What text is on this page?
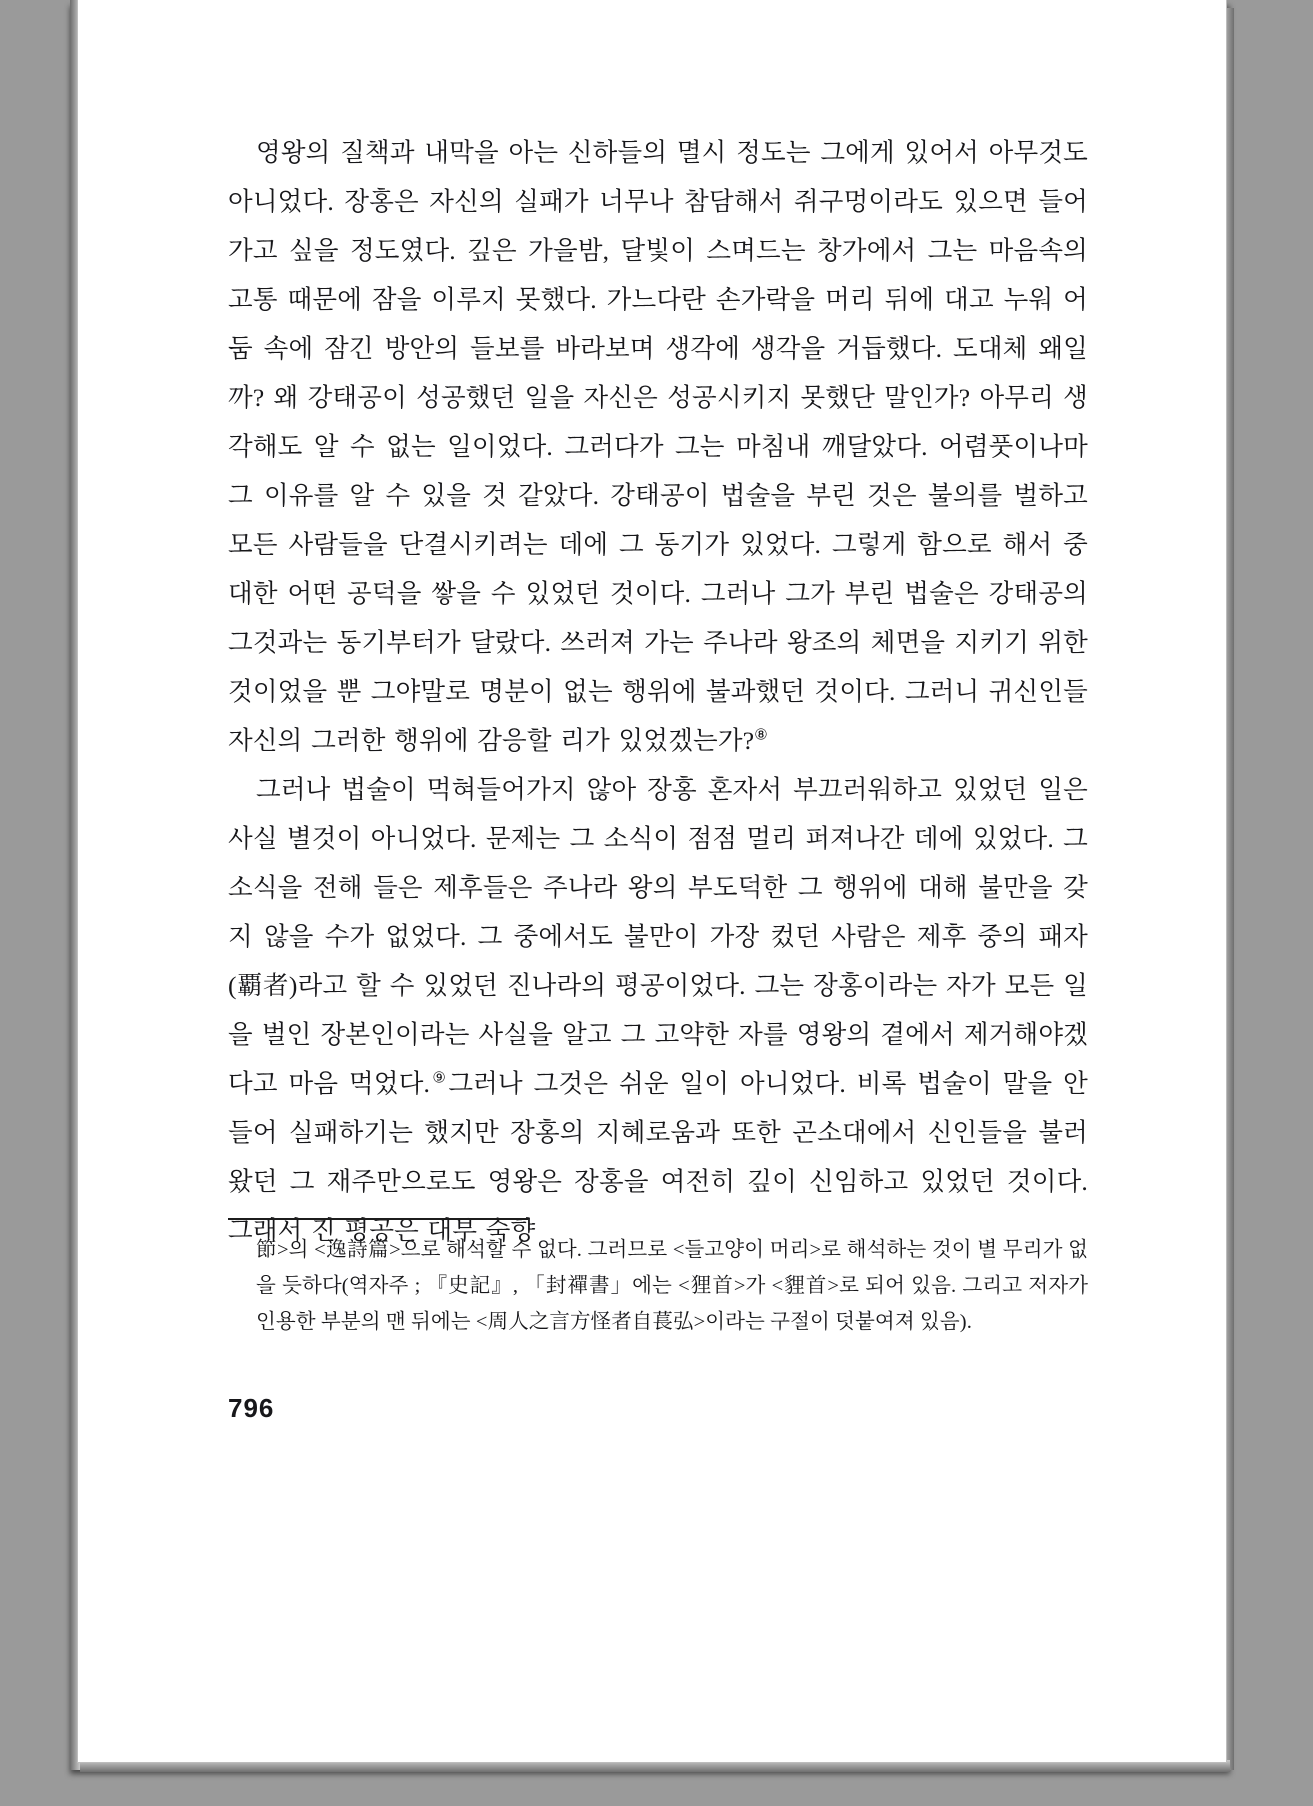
영왕의 질책과 내막을 아는 신하들의 멸시 정도는 그에게 있어서 아무것도 아니었다. 장홍은 자신의 실패가 너무나 참담해서 쥐구멍이라도 있으면 들어가고 싶을 정도였다. 깊은 가을밤, 달빛이 스며드는 창가에서 그는 마음속의 고통 때문에 잠을 이루지 못했다. 가느다란 손가락을 머리 뒤에 대고 누워 어둠 속에 잠긴 방안의 들보를 바라보며 생각에 생각을 거듭했다. 도대체 왜일까? 왜 강태공이 성공했던 일을 자신은 성공시키지 못했단 말인가? 아무리 생각해도 알 수 없는 일이었다. 그러다가 그는 마침내 깨달았다. 어렴풋이나마 그 이유를 알 수 있을 것 같았다. 강태공이 법술을 부린 것은 불의를 벌하고 모든 사람들을 단결시키려는 데에 그 동기가 있었다. 그렇게 함으로 해서 중대한 어떤 공덕을 쌓을 수 있었던 것이다. 그러나 그가 부린 법술은 강태공의 그것과는 동기부터가 달랐다. 쓰러져 가는 주나라 왕조의 체면을 지키기 위한 것이었을 뿐 그야말로 명분이 없는 행위에 불과했던 것이다. 그러니 귀신인들 자신의 그러한 행위에 감응할 리가 있었겠는가?⑧

그러나 법술이 먹혀들어가지 않아 장홍 혼자서 부끄러워하고 있었던 일은 사실 별것이 아니었다. 문제는 그 소식이 점점 멀리 퍼져나간 데에 있었다. 그 소식을 전해 들은 제후들은 주나라 왕의 부도덕한 그 행위에 대해 불만을 갖지 않을 수가 없었다. 그 중에서도 불만이 가장 컸던 사람은 제후 중의 패자(覇者)라고 할 수 있었던 진나라의 평공이었다. 그는 장홍이라는 자가 모든 일을 벌인 장본인이라는 사실을 알고 그 고약한 자를 영왕의 곁에서 제거해야겠다고 마음 먹었다.⑨그러나 그것은 쉬운 일이 아니었다. 비록 법술이 말을 안 들어 실패하기는 했지만 장홍의 지혜로움과 또한 곤소대에서 신인들을 불러왔던 그 재주만으로도 영왕은 장홍을 여전히 깊이 신임하고 있었던 것이다. 그래서 진 평공은 대부 숙향

節>의 <逸詩篇>으로 해석할 수 없다. 그러므로 <들고양이 머리>로 해석하는 것이 별 무리가 없을 듯하다(역자주 ; 『史記』, 「封禪書」에는 <狸首>가 <貍首>로 되어 있음. 그리고 저자가 인용한 부분의 맨 뒤에는 <周人之言方怪者自萇弘>이라는 구절이 덧붙여져 있음).
796
